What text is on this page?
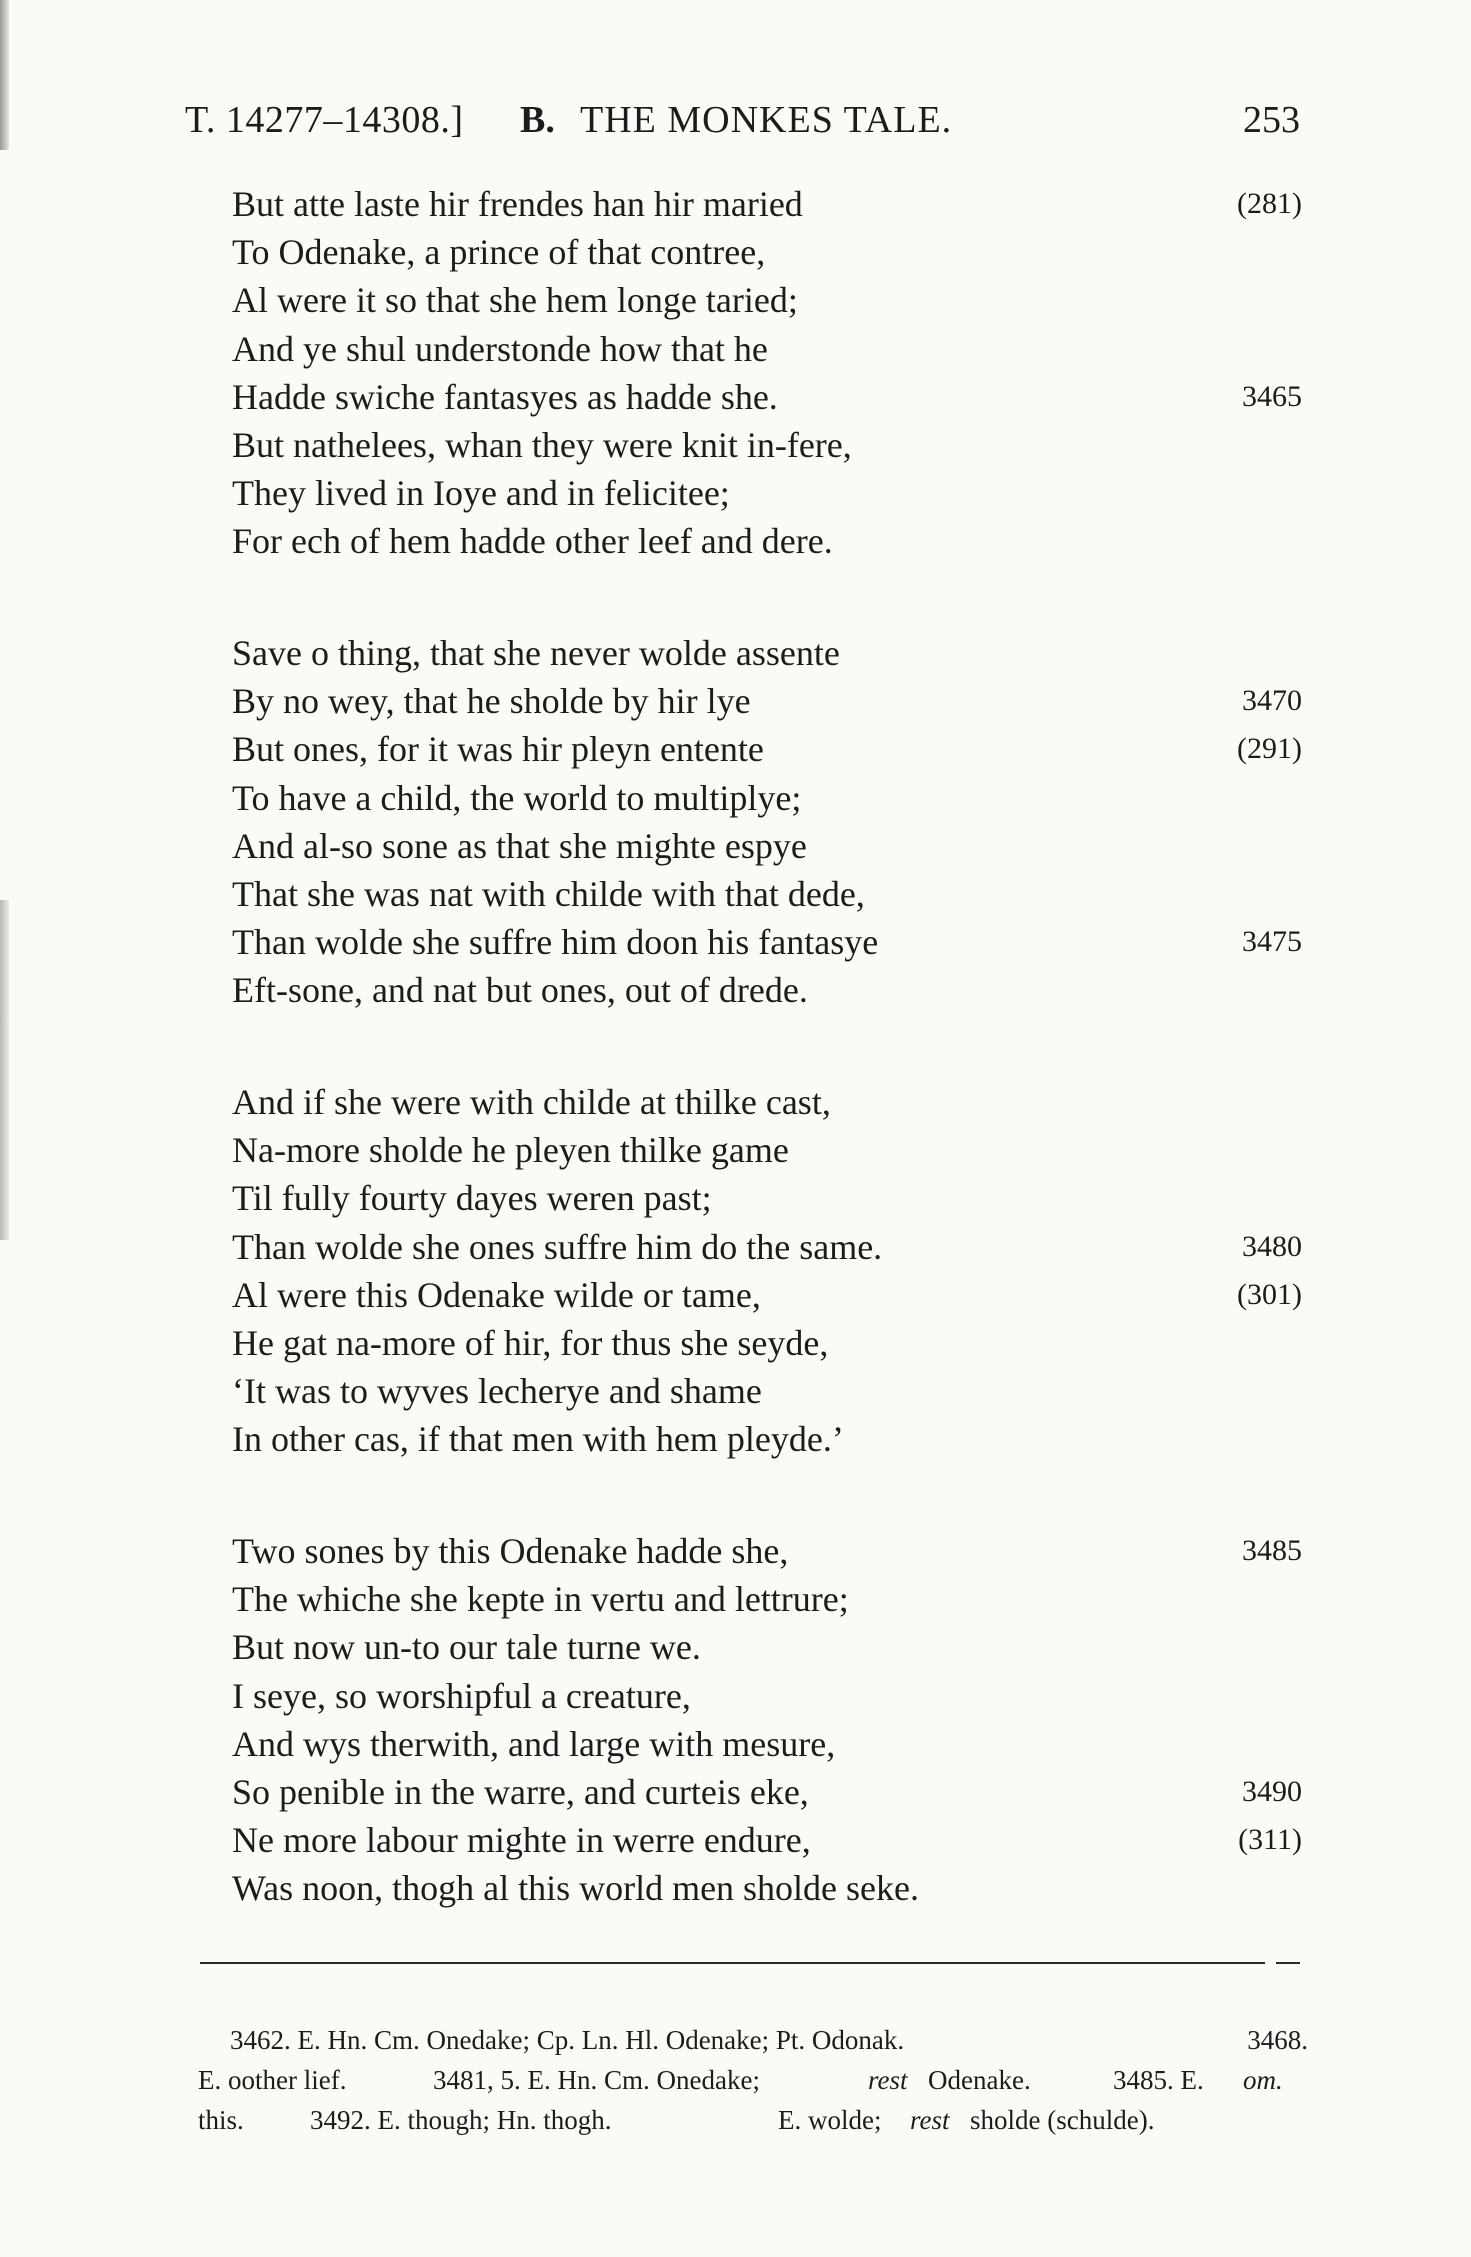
T. 14277–14308.] B. THE MONKES TALE.	253
But atte laste hir frendes han hir maried	(281)
To Odenake, a prince of that contree,
Al were it so that she hem longe taried;
And ye shul understonde how that he
Hadde swiche fantasyes as hadde she.	3465
But nathelees, whan they were knit in-fere,
They lived in Ioye and in felicitee;
For ech of hem hadde other leef and dere.
Save o thing, that she never wolde assente
By no wey, that he sholde by hir lye	3470
But ones, for it was hir pleyn entente	(291)
To have a child, the world to multiplye;
And al-so sone as that she mighte espye
That she was nat with childe with that dede,
Than wolde she suffre him doon his fantasye	3475
Eft-sone, and nat but ones, out of drede.
And if she were with childe at thilke cast,
Na-more sholde he pleyen thilke game
Til fully fourty dayes weren past;
Than wolde she ones suffre him do the same.	3480
Al were this Odenake wilde or tame,	(301)
He gat na-more of hir, for thus she seyde,
‘It was to wyves lecherye and shame
In other cas, if that men with hem pleyde.’
Two sones by this Odenake hadde she,	3485
The whiche she kepte in vertu and lettrure;
But now un-to our tale turne we.
I seye, so worshipful a creature,
And wys therwith, and large with mesure,
So penible in the warre, and curteis eke,	3490
Ne more labour mighte in werre endure,	(311)
Was noon, thogh al this world men sholde seke.
3462. E. Hn. Cm. Onedake; Cp. Ln. Hl. Odenake; Pt. Odonak.	3468.
E. oother lief.	3481, 5. E. Hn. Cm. Onedake;	rest Odenake.	3485. E. om.
this. 3492. E. though; Hn. thogh.	E. wolde; rest sholde (schulde).
